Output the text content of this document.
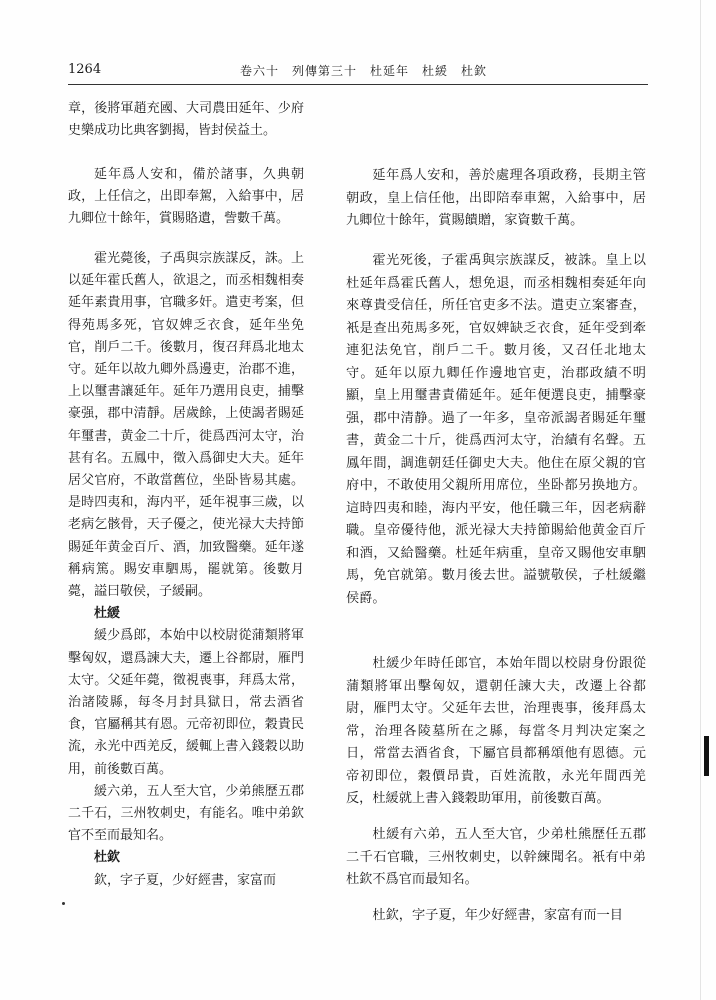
1264	卷六十　列傳第三十　杜延年　杜緩　杜欽

章，後將軍趙充國、大司農田延年、少府史樂成功比典客劉揭，皆封侯益土。

延年爲人安和，備於諸事，久典朝政，上任信之，出即奉駕，入給事中，居九卿位十餘年，賞賜賂遺，訾數千萬。

霍光薨後，子禹與宗族謀反，誅。上以延年霍氏舊人，欲退之，而丞相魏相奏延年素貴用事，官職多奸。遣吏考案，但得苑馬多死，官奴婢乏衣食，延年坐免官，削戶二千。後數月，復召拜爲北地太守。延年以故九卿外爲邊吏，治郡不進，上以璽書讓延年。延年乃選用良吏，捕擊豪强，郡中清靜。居歲餘，上使謁者賜延年璽書，黄金二十斤，徙爲西河太守，治甚有名。五鳳中，徵入爲御史大夫。延年居父官府，不敢當舊位，坐卧皆易其處。是時四夷和，海内平，延年視事三歲，以老病乞骸骨，天子優之，使光禄大夫持節賜延年黄金百斤、酒，加致醫藥。延年遂稱病篤。賜安車駟馬，罷就第。後數月薨，謚曰敬侯，子緩嗣。

杜緩

緩少爲郎，本始中以校尉從蒲類將軍擊匈奴，還爲諫大夫，遷上谷都尉，雁門太守。父延年薨，徵視喪事，拜爲太常，治諸陵縣，每冬月封具獄日，常去酒省食，官屬稱其有恩。元帝初即位，穀貴民流，永光中西羌反，緩輒上書入錢穀以助用，前後數百萬。

緩六弟，五人至大官，少弟熊歷五郡二千石，三州牧刺史，有能名。唯中弟欽官不至而最知名。

杜欽

欽，字子夏，少好經書，家富而

延年爲人安和，善於處理各項政務，長期主管朝政，皇上信任他，出即陪奉車駕，入給事中，居九卿位十餘年，賞賜饋贈，家資數千萬。

霍光死後，子霍禹與宗族謀反，被誅。皇上以杜延年爲霍氏舊人，想免退，而丞相魏相奏延年向來尊貴受信任，所任官吏多不法。遣吏立案審查，衹是查出苑馬多死，官奴婢缺乏衣食，延年受到牽連犯法免官，削戶二千。數月後，又召任北地太守。延年以原九卿任作邊地官吏，治郡政績不明顯，皇上用璽書責備延年。延年便選良吏，捕擊豪强，郡中清静。過了一年多，皇帝派謁者賜延年璽書，黄金二十斤，徙爲西河太守，治績有名聲。五鳳年間，調進朝廷任御史大夫。他住在原父親的官府中，不敢使用父親所用席位，坐卧都另换地方。這時四夷和睦，海内平安，他任職三年，因老病辭職。皇帝優待他，派光禄大夫持節賜給他黄金百斤和酒，又給醫藥。杜延年病重，皇帝又賜他安車駟馬，免官就第。數月後去世。謚號敬侯，子杜緩繼侯爵。

杜緩少年時任郎官，本始年間以校尉身份跟從蒲類將軍出擊匈奴，還朝任諫大夫，改遷上谷都尉，雁門太守。父延年去世，治理喪事，後拜爲太常，治理各陵墓所在之縣，每當冬月判决定案之日，常當去酒省食，下屬官員都稱頌他有恩德。元帝初即位，穀價昂貴，百姓流散，永光年間西羌反，杜緩就上書入錢穀助軍用，前後數百萬。

杜緩有六弟，五人至大官，少弟杜熊歷任五郡二千石官職，三州牧刺史，以幹練聞名。衹有中弟杜欽不爲官而最知名。

杜欽，字子夏，年少好經書，家富有而一目
